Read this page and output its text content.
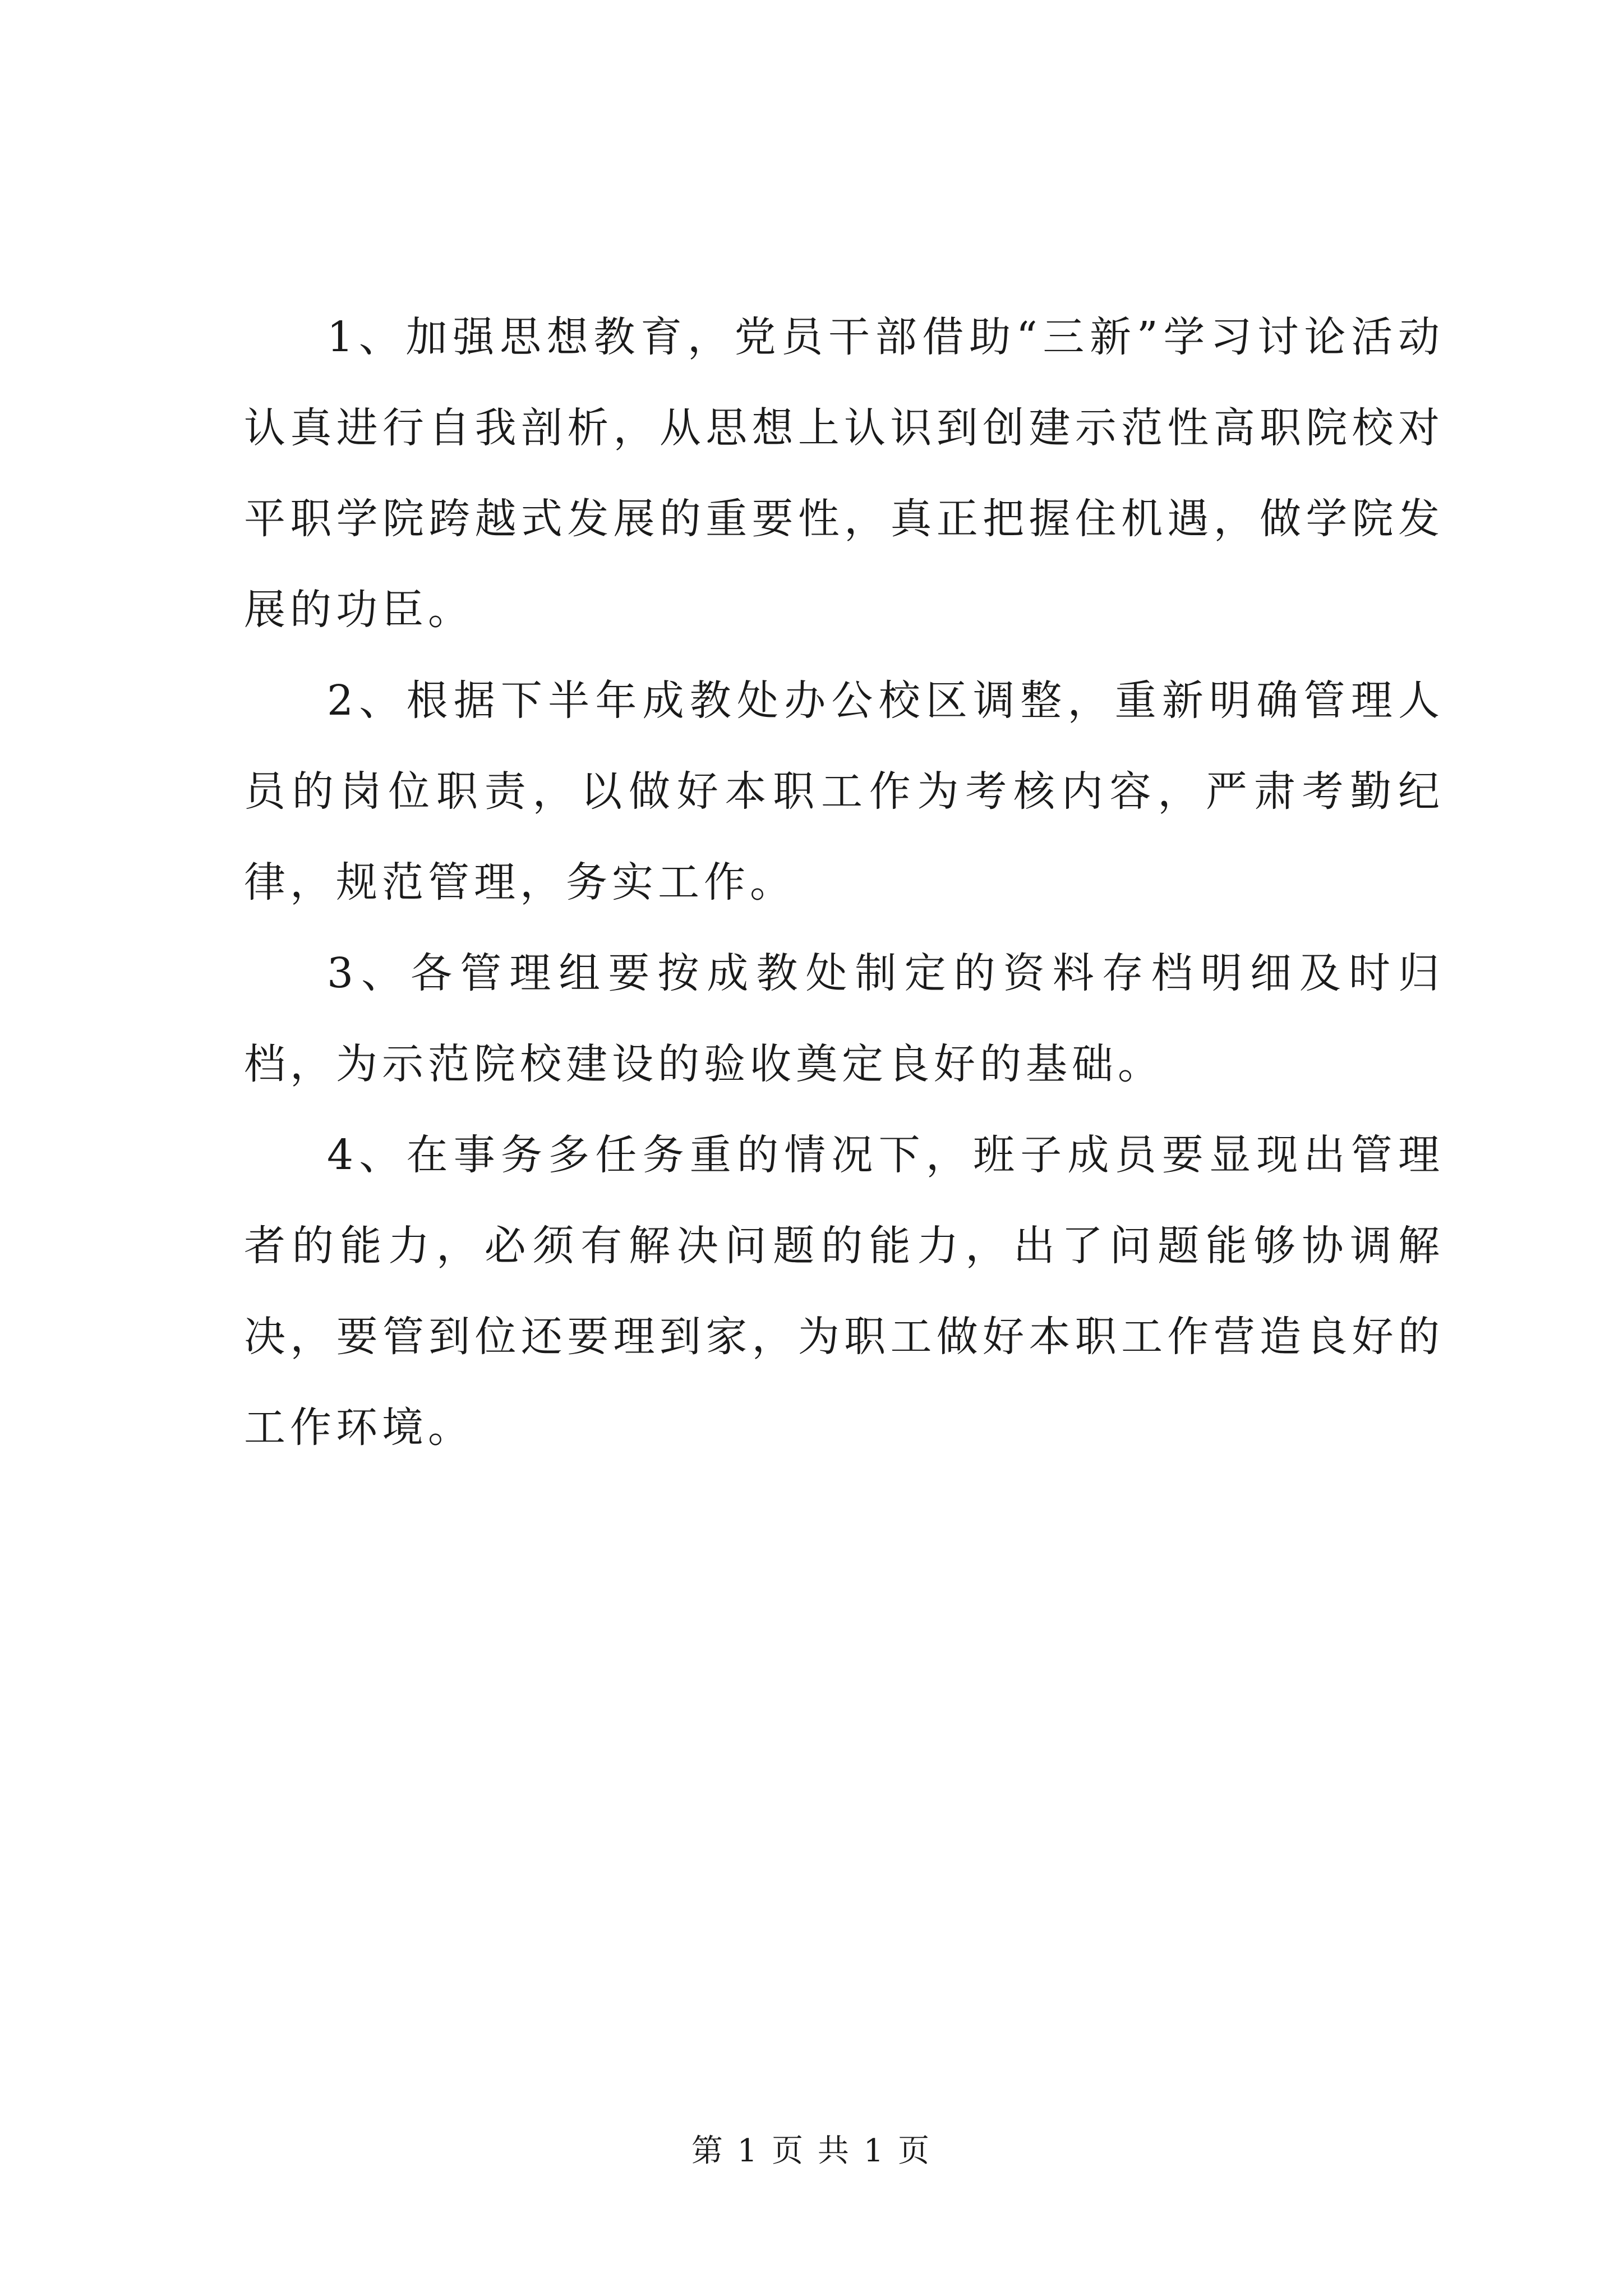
1、加强思想教育，党员干部借助“三新”学习讨论活动认真进行自我剖析，从思想上认识到创建示范性高职院校对平职学院跨越式发展的重要性，真正把握住机遇，做学院发展的功臣。

2、根据下半年成教处办公校区调整，重新明确管理人员的岗位职责，以做好本职工作为考核内容，严肃考勤纪律，规范管理，务实工作。

3、各管理组要按成教处制定的资料存档明细及时归档，为示范院校建设的验收奠定良好的基础。

4、在事务多任务重的情况下，班子成员要显现出管理者的能力，必须有解决问题的能力，出了问题能够协调解决，要管到位还要理到家，为职工做好本职工作营造良好的工作环境。

第 1 页 共 1 页
